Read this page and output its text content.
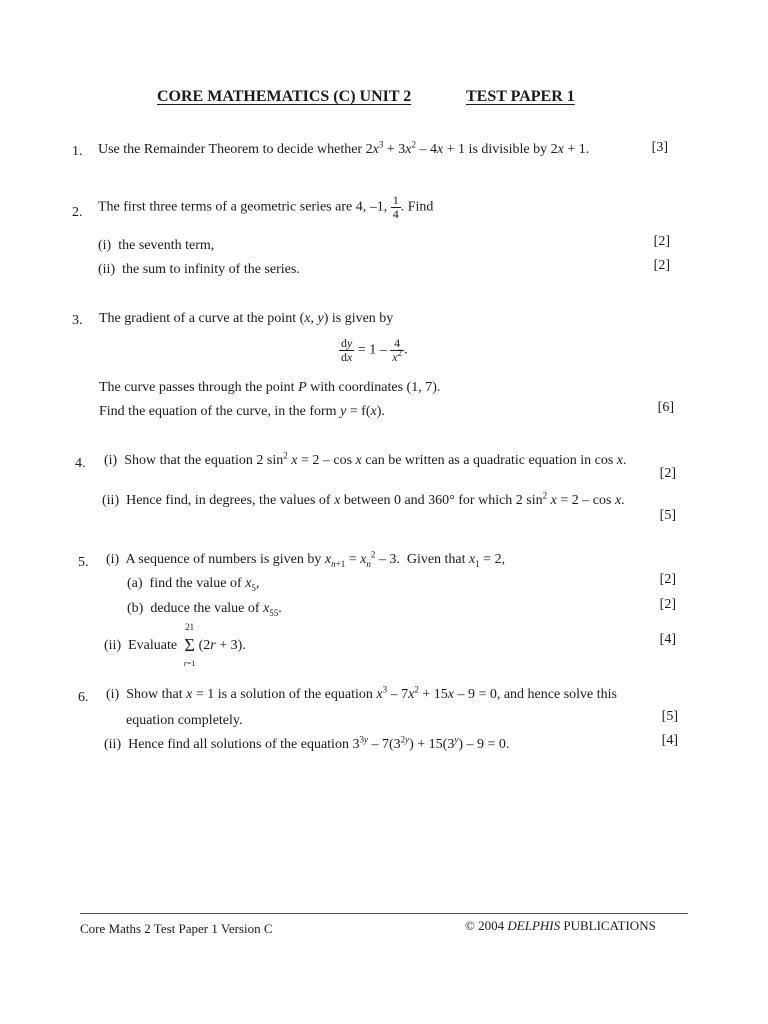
CORE MATHEMATICS (C) UNIT 2	TEST PAPER 1
1. Use the Remainder Theorem to decide whether $2x^3 + 3x^2 - 4x + 1$ is divisible by 2x + 1.	[3]
2. The first three terms of a geometric series are 4, –1, $\frac{1}{4}$ . Find
(i) the seventh term,	[2]
(ii) the sum to infinity of the series.	[2]
3. The gradient of a curve at the point (x, y) is given by
$\frac{dy}{dx} = 1 - \frac{4}{x^2}$ .
The curve passes through the point P with coordinates (1, 7).
Find the equation of the curve, in the form y = f(x).	[6]
4. (i)  Show that the equation 2 $\sin^2 x = 2 - \cos x$ can be written as a quadratic equation in cos x.
[2]
(ii)  Hence find, in degrees, the values of x between 0 and 360° for which 2 $\sin^2 x = 2 - \cos x$.
[5]
5. (i)  A sequence of numbers is given by $x_{n+1} = x_n^2 - 3$.  Given that $x_1 = 2$,
(a)  find the value of $x_5$,	[2]
(b)  deduce the value of $x_{55}$.	[2]
(ii)  Evaluate
21
Σ
r=1
(2r + 3).	[4]
6. (i)  Show that x = 1 is a solution of the equation $x^3 - 7x^2 + 15x - 9 = 0$, and hence solve this
equation completely.	[5]
(ii)  Hence find all solutions of the equation $3^{3y} - 7(3^{2y}) + 15(3^y) - 9 = 0$.	[4]
Core Maths 2 Test Paper 1 Version C	© 2004 DELPHIS PUBLICATIONS
